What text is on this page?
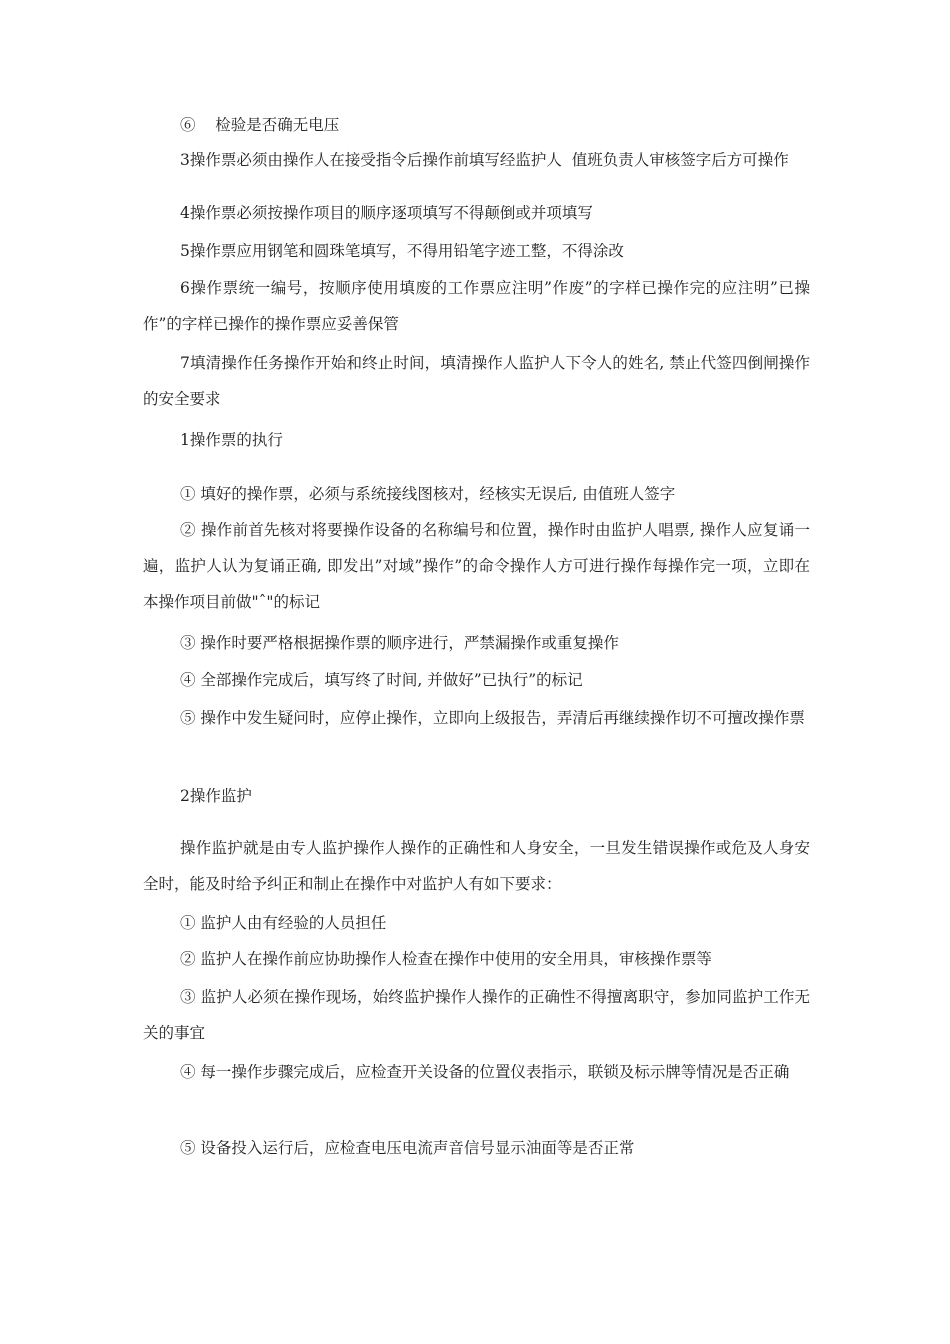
⑥    检验是否确无电压
3操作票必须由操作人在接受指令后操作前填写经监护人  值班负责人审核签字后方可操作
4操作票必须按操作项目的顺序逐项填写不得颠倒或并项填写
5操作票应用钢笔和圆珠笔填写，不得用铅笔字迹工整，不得涂改
6操作票统一编号，按顺序使用填废的工作票应注明”作废”的字样已操作完的应注明”已操作”的字样已操作的操作票应妥善保管
7填清操作任务操作开始和终止时间，填清操作人监护人下令人的姓名, 禁止代签四倒闸操作的安全要求
1操作票的执行
① 填好的操作票，必须与系统接线图核对，经核实无误后, 由值班人签字
② 操作前首先核对将要操作设备的名称编号和位置，操作时由监护人唱票, 操作人应复诵一遍，监护人认为复诵正确, 即发出”对域”操作”的命令操作人方可进行操作每操作完一项，立即在本操作项目前做"ˆ"的标记
③ 操作时要严格根据操作票的顺序进行，严禁漏操作或重复操作
④ 全部操作完成后，填写终了时间, 并做好”已执行”的标记
⑤ 操作中发生疑问时，应停止操作，立即向上级报告，弄清后再继续操作切不可擅改操作票
2操作监护
操作监护就是由专人监护操作人操作的正确性和人身安全，一旦发生错误操作或危及人身安全时，能及时给予纠正和制止在操作中对监护人有如下要求：
① 监护人由有经验的人员担任
② 监护人在操作前应协助操作人检查在操作中使用的安全用具，审核操作票等
③ 监护人必须在操作现场，始终监护操作人操作的正确性不得擅离职守，参加同监护工作无关的事宜
④ 每一操作步骤完成后，应检查开关设备的位置仪表指示，联锁及标示牌等情况是否正确
⑤ 设备投入运行后，应检查电压电流声音信号显示油面等是否正常
